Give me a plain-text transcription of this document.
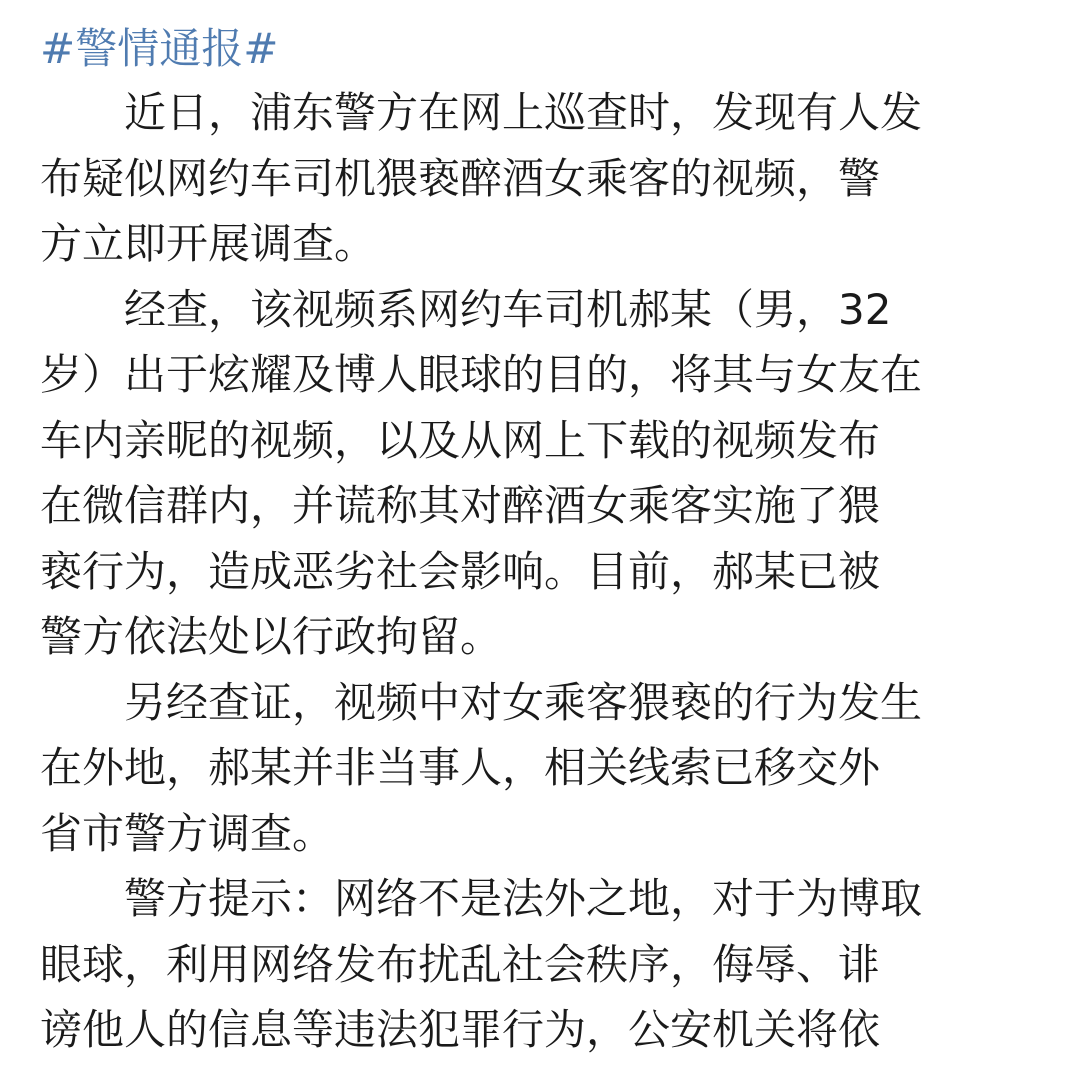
#警情通报#
近日，浦东警方在网上巡查时，发现有人发
布疑似网约车司机猥亵醉酒女乘客的视频，警
方立即开展调查。
经查，该视频系网约车司机郝某（男，32
岁）出于炫耀及博人眼球的目的，将其与女友在
车内亲昵的视频，以及从网上下载的视频发布
在微信群内，并谎称其对醉酒女乘客实施了猥
亵行为，造成恶劣社会影响。目前，郝某已被
警方依法处以行政拘留。
另经查证，视频中对女乘客猥亵的行为发生
在外地，郝某并非当事人，相关线索已移交外
省市警方调查。
警方提示：网络不是法外之地，对于为博取
眼球，利用网络发布扰乱社会秩序，侮辱、诽
谤他人的信息等违法犯罪行为，公安机关将依
